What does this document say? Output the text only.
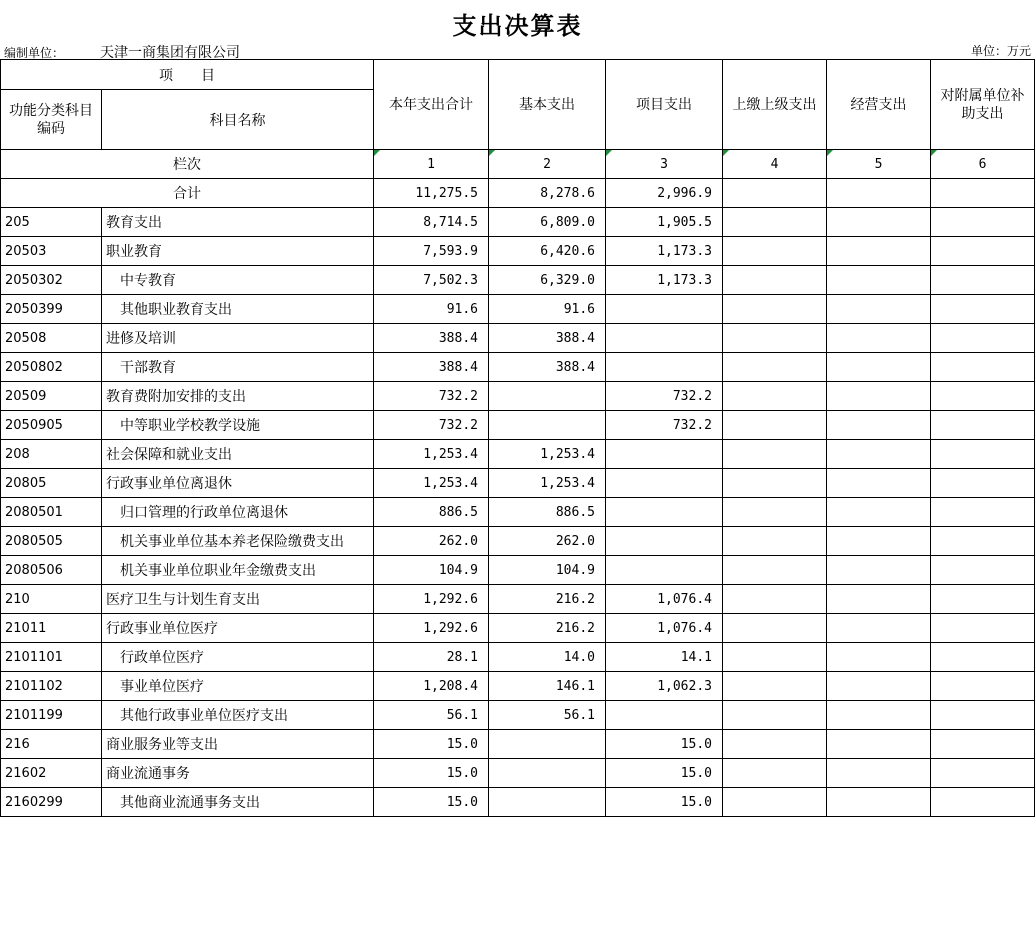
支出决算表
编制单位：	天津一商集团有限公司	单位：万元
项　　目		本年支出合计	基本支出	项目支出	上缴上级支出	经营支出	对附属单位补助支出
功能分类科目编码	科目名称						
栏次		1	2	3	4	5	6
合计		11,275.5	8,278.6	2,996.9			
205	教育支出	8,714.5	6,809.0	1,905.5			
20503	职业教育	7,593.9	6,420.6	1,173.3			
2050302	中专教育	7,502.3	6,329.0	1,173.3			
2050399	其他职业教育支出	91.6	91.6				
20508	进修及培训	388.4	388.4				
2050802	干部教育	388.4	388.4				
20509	教育费附加安排的支出	732.2		732.2			
2050905	中等职业学校教学设施	732.2		732.2			
208	社会保障和就业支出	1,253.4	1,253.4				
20805	行政事业单位离退休	1,253.4	1,253.4				
2080501	归口管理的行政单位离退休	886.5	886.5				
2080505	机关事业单位基本养老保险缴费支出	262.0	262.0				
2080506	机关事业单位职业年金缴费支出	104.9	104.9				
210	医疗卫生与计划生育支出	1,292.6	216.2	1,076.4			
21011	行政事业单位医疗	1,292.6	216.2	1,076.4			
2101101	行政单位医疗	28.1	14.0	14.1			
2101102	事业单位医疗	1,208.4	146.1	1,062.3			
2101199	其他行政事业单位医疗支出	56.1	56.1				
216	商业服务业等支出	15.0		15.0			
21602	商业流通事务	15.0		15.0			
2160299	其他商业流通事务支出	15.0		15.0			
